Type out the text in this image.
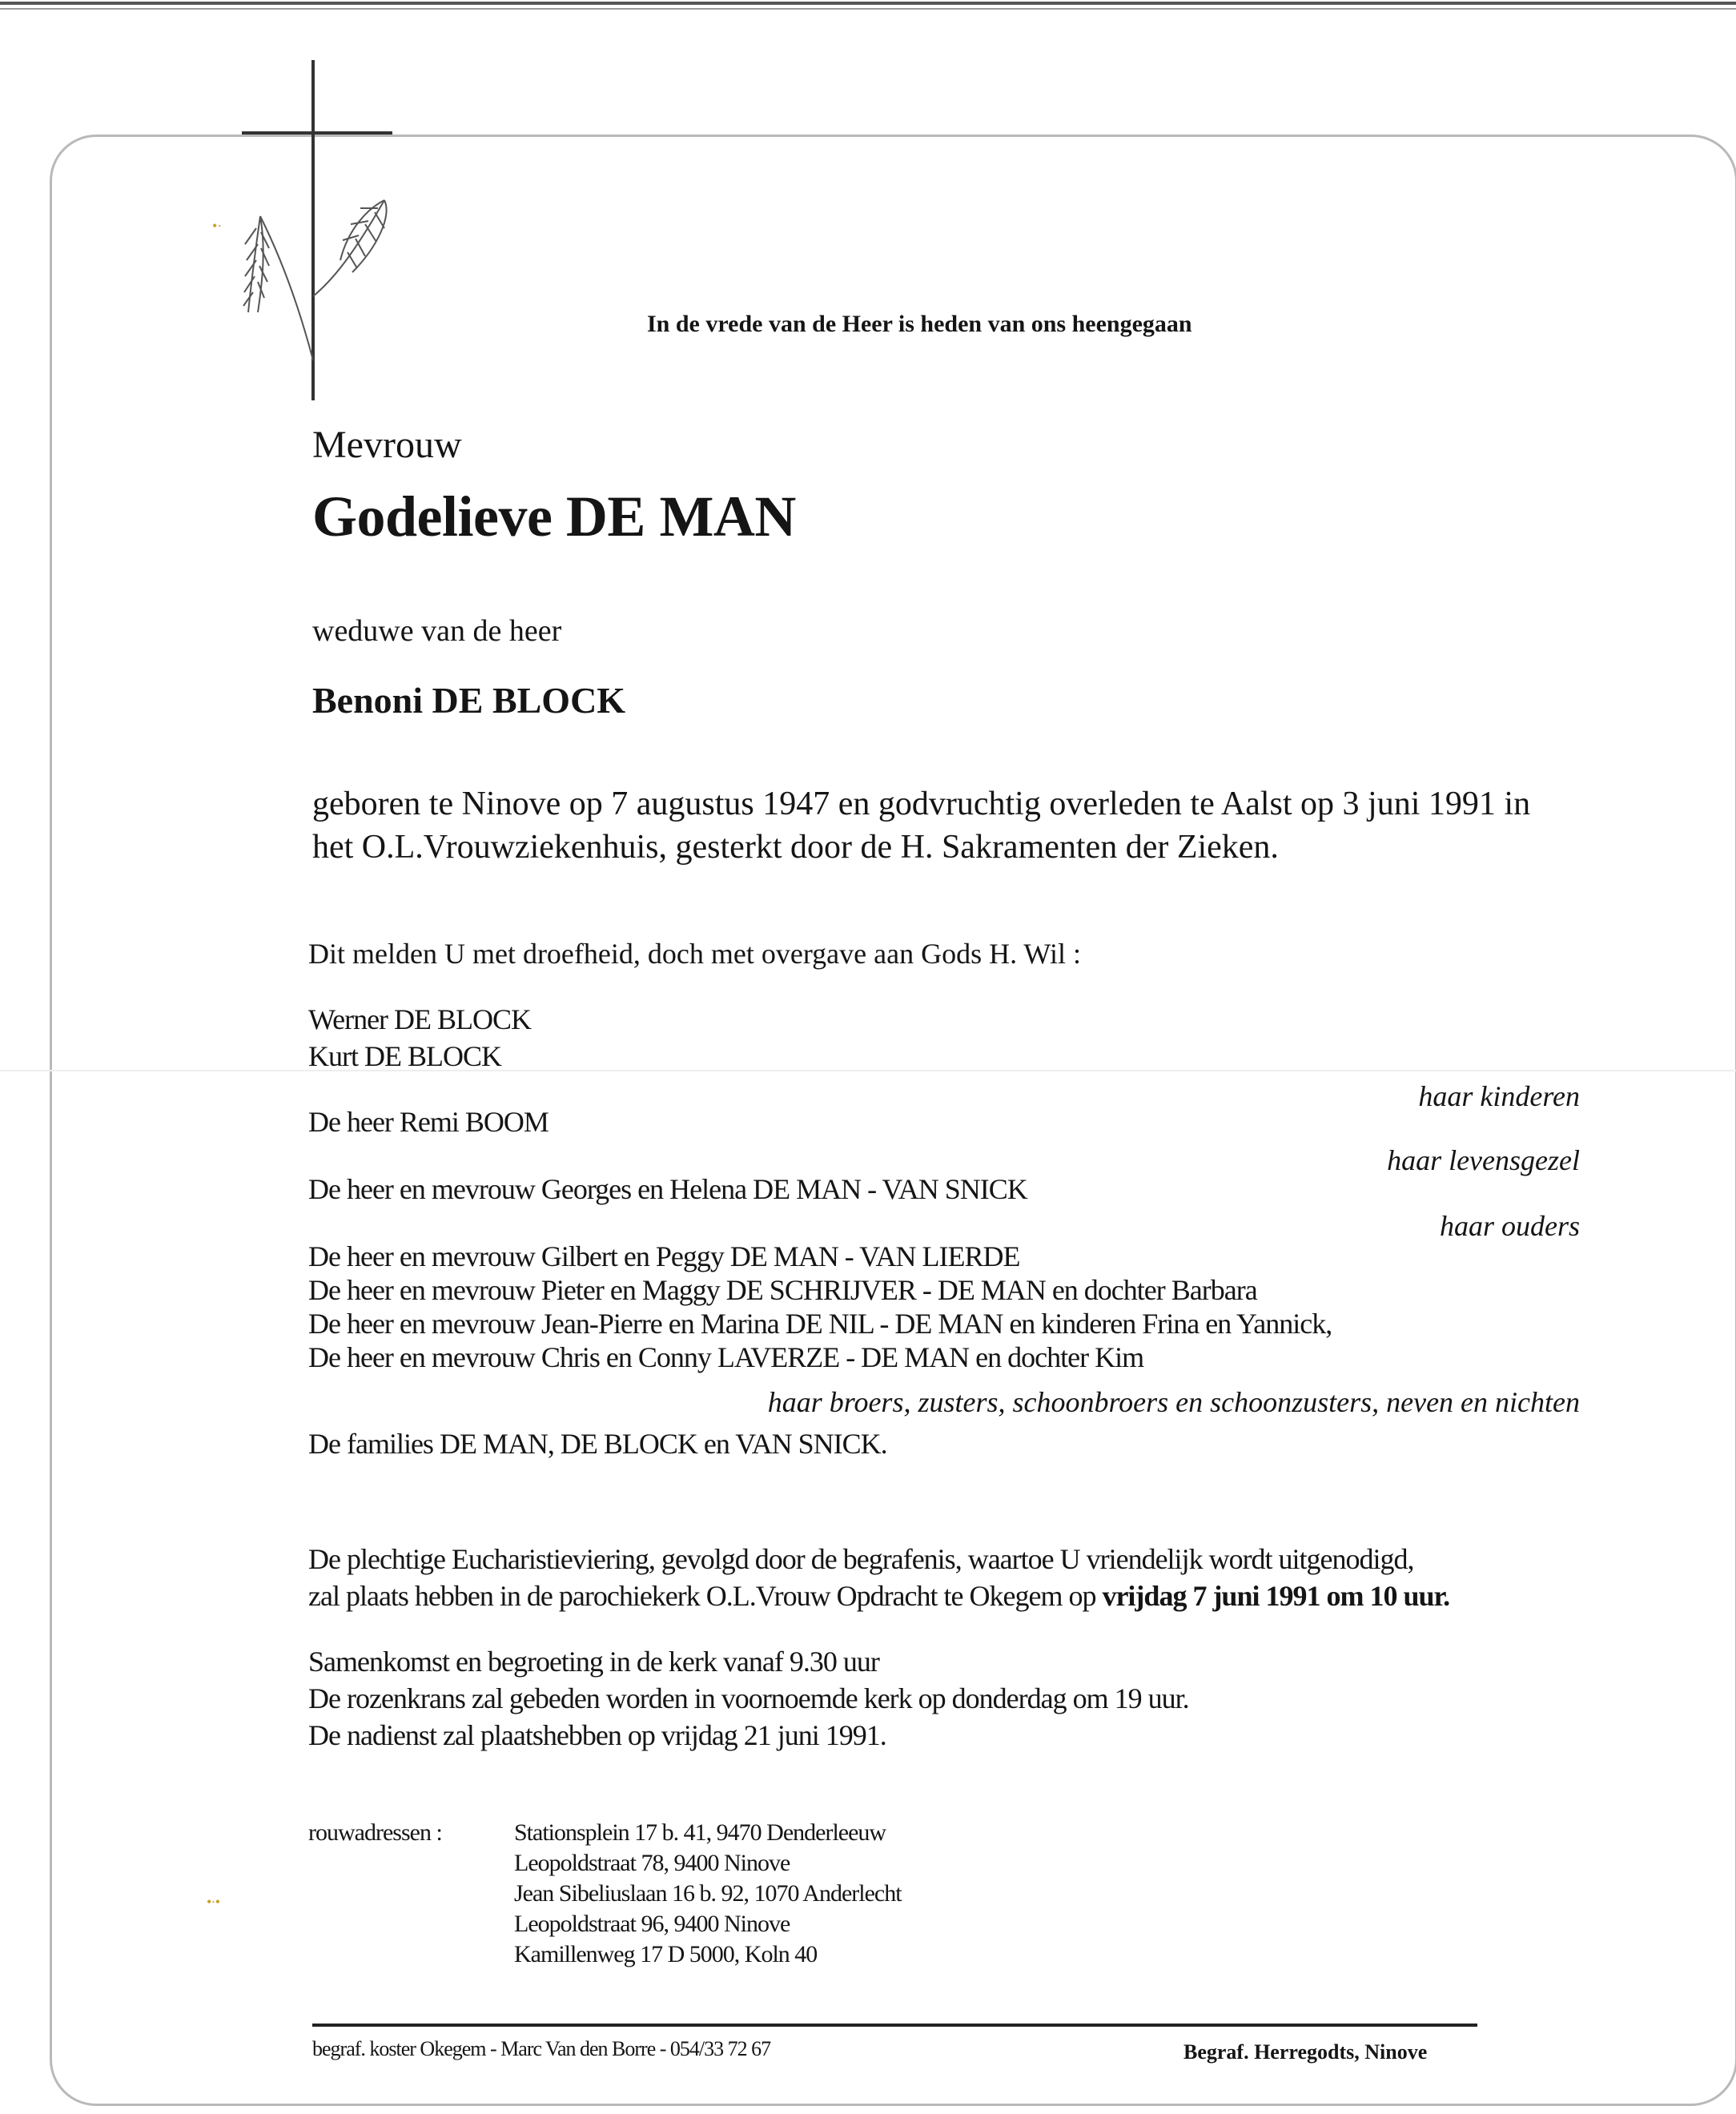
•·
•∙•
In de vrede van de Heer is heden van ons heengegaan
Mevrouw
Godelieve DE MAN
weduwe van de heer
Benoni DE BLOCK
geboren te Ninove op 7 augustus 1947 en godvruchtig overleden te Aalst op 3 juni 1991 in
het O.L.Vrouwziekenhuis, gesterkt door de H. Sakramenten der Zieken.
Dit melden U met droefheid, doch met overgave aan Gods H. Wil :
Werner DE BLOCK
Kurt DE BLOCK
haar kinderen
De heer Remi BOOM
haar levensgezel
De heer en mevrouw Georges en Helena DE MAN - VAN SNICK
haar ouders
De heer en mevrouw Gilbert en Peggy DE MAN - VAN LIERDE
De heer en mevrouw Pieter en Maggy DE SCHRIJVER - DE MAN en dochter Barbara
De heer en mevrouw Jean-Pierre en Marina DE NIL - DE MAN en kinderen Frina en Yannick,
De heer en mevrouw Chris en Conny LAVERZE - DE MAN en dochter Kim
haar broers, zusters, schoonbroers en schoonzusters, neven en nichten
De families DE MAN, DE BLOCK en VAN SNICK.
De plechtige Eucharistieviering, gevolgd door de begrafenis, waartoe U vriendelijk wordt uitgenodigd,
zal plaats hebben in de parochiekerk O.L.Vrouw Opdracht te Okegem op vrijdag 7 juni 1991 om 10 uur.
Samenkomst en begroeting in de kerk vanaf 9.30 uur
De rozenkrans zal gebeden worden in voornoemde kerk op donderdag om 19 uur.
De nadienst zal plaatshebben op vrijdag 21 juni 1991.
rouwadressen :	Stationsplein 17 b. 41, 9470 Denderleeuw
Leopoldstraat 78, 9400 Ninove
Jean Sibeliuslaan 16 b. 92, 1070 Anderlecht
Leopoldstraat 96, 9400 Ninove
Kamillenweg 17 D 5000, Koln 40
begraf. koster Okegem - Marc Van den Borre - 054/33 72 67	Begraf. Herregodts, Ninove
